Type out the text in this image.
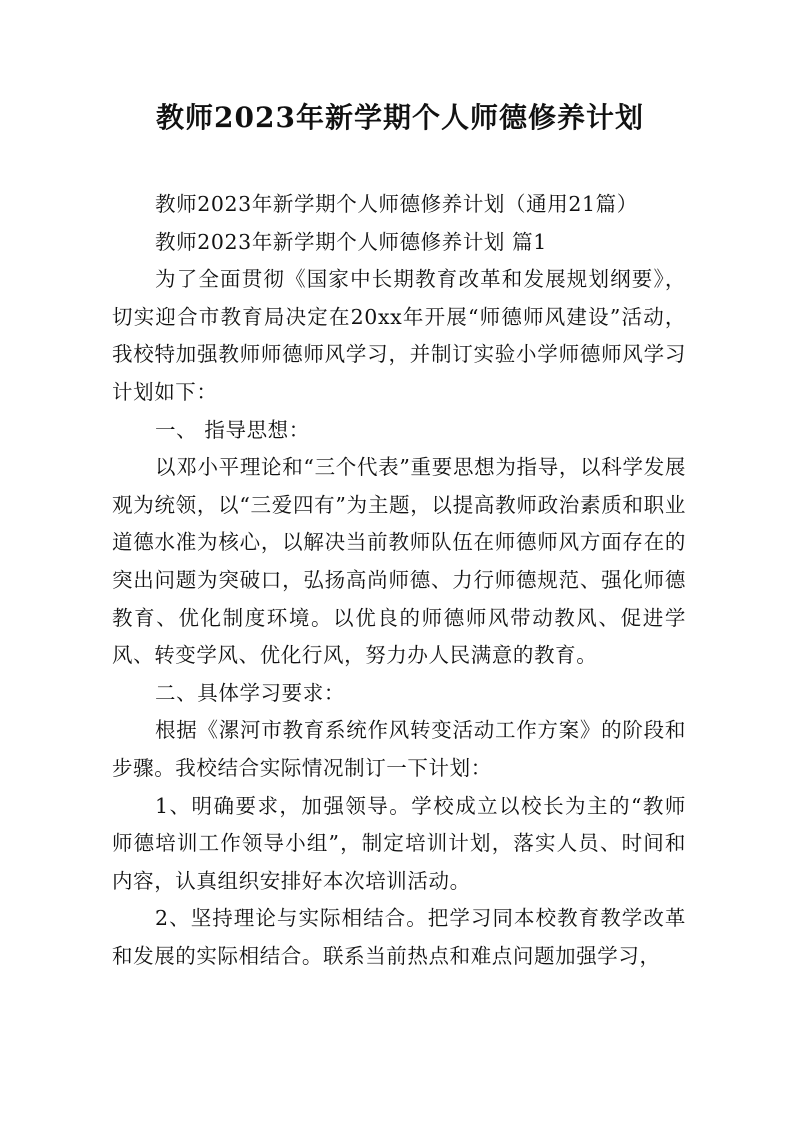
教师2023年新学期个人师德修养计划

教师2023年新学期个人师德修养计划（通用21篇）

教师2023年新学期个人师德修养计划 篇1

为了全面贯彻《国家中长期教育改革和发展规划纲要》，切实迎合市教育局决定在20xx年开展“师德师风建设”活动，我校特加强教师师德师风学习，并制订实验小学师德师风学习计划如下：

一、 指导思想：

以邓小平理论和“三个代表”重要思想为指导，以科学发展观为统领，以“三爱四有”为主题，以提高教师政治素质和职业道德水准为核心，以解决当前教师队伍在师德师风方面存在的突出问题为突破口，弘扬高尚师德、力行师德规范、强化师德教育、优化制度环境。以优良的师德师风带动教风、促进学风、转变学风、优化行风，努力办人民满意的教育。

二、具体学习要求：

根据《漯河市教育系统作风转变活动工作方案》的阶段和步骤。我校结合实际情况制订一下计划：

1、明确要求，加强领导。学校成立以校长为主的“教师师德培训工作领导小组”，制定培训计划，落实人员、时间和内容，认真组织安排好本次培训活动。

2、坚持理论与实际相结合。把学习同本校教育教学改革和发展的实际相结合。联系当前热点和难点问题加强学习，
